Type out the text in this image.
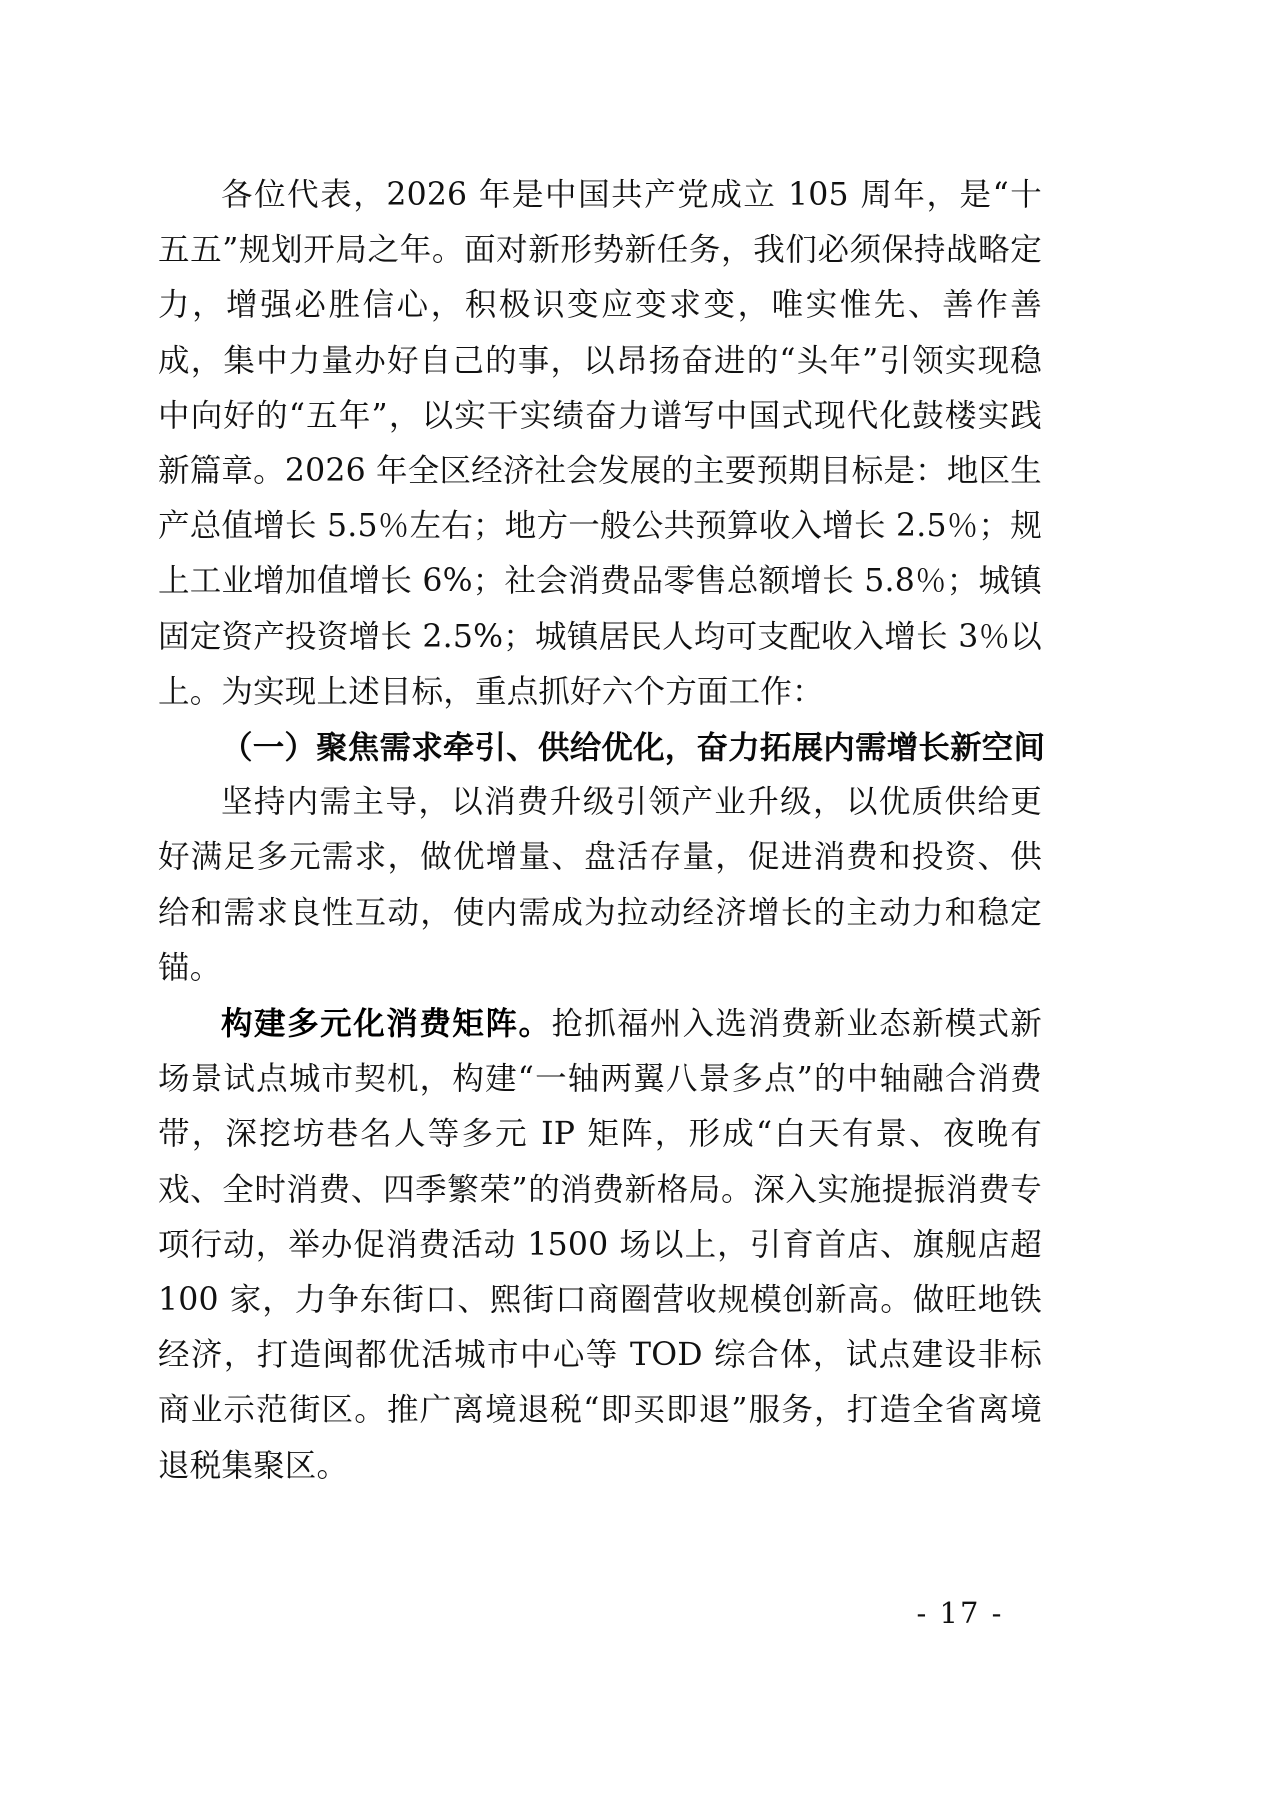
各位代表，2026 年是中国共产党成立 105 周年，是“十五五”规划开局之年。面对新形势新任务，我们必须保持战略定力，增强必胜信心，积极识变应变求变，唯实惟先、善作善成，集中力量办好自己的事，以昂扬奋进的“头年”引领实现稳中向好的“五年”，以实干实绩奋力谱写中国式现代化鼓楼实践新篇章。2026 年全区经济社会发展的主要预期目标是：地区生产总值增长 5.5％左右；地方一般公共预算收入增长 2.5％；规上工业增加值增长 6%；社会消费品零售总额增长 5.8％；城镇固定资产投资增长 2.5%；城镇居民人均可支配收入增长 3％以上。为实现上述目标，重点抓好六个方面工作：

（一）聚焦需求牵引、供给优化，奋力拓展内需增长新空间

坚持内需主导，以消费升级引领产业升级，以优质供给更好满足多元需求，做优增量、盘活存量，促进消费和投资、供给和需求良性互动，使内需成为拉动经济增长的主动力和稳定锚。

构建多元化消费矩阵。抢抓福州入选消费新业态新模式新场景试点城市契机，构建“一轴两翼八景多点”的中轴融合消费带，深挖坊巷名人等多元 IP 矩阵，形成“白天有景、夜晚有戏、全时消费、四季繁荣”的消费新格局。深入实施提振消费专项行动，举办促消费活动 1500 场以上，引育首店、旗舰店超 100 家，力争东街口、熙街口商圈营收规模创新高。做旺地铁经济，打造闽都优活城市中心等 TOD 综合体，试点建设非标商业示范街区。推广离境退税“即买即退”服务，打造全省离境退税集聚区。

- 17 -
